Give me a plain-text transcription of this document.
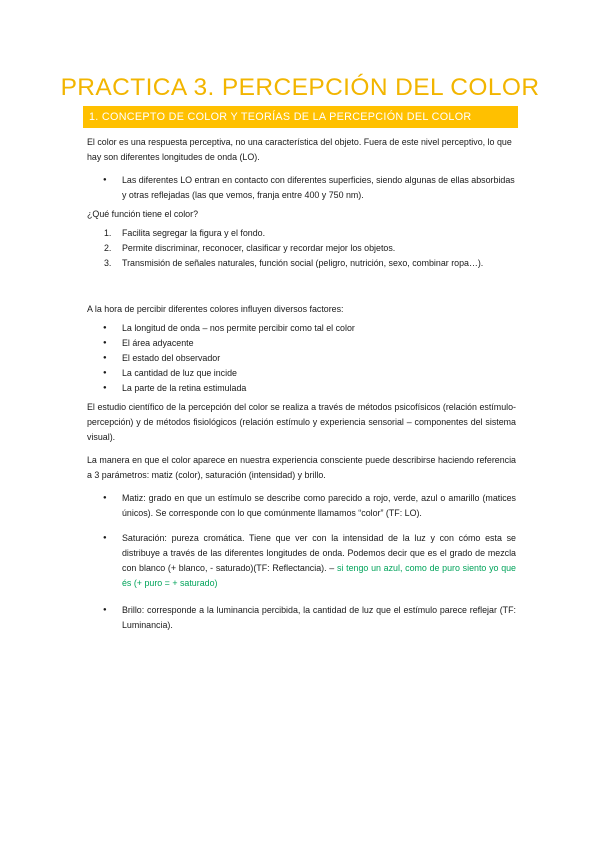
PRACTICA 3. PERCEPCIÓN DEL COLOR
1. CONCEPTO DE COLOR Y TEORÍAS DE LA PERCEPCIÓN DEL COLOR

El color es una respuesta perceptiva, no una característica del objeto. Fuera de este nivel perceptivo, lo que hay son diferentes longitudes de onda (LO).

● Las diferentes LO entran en contacto con diferentes superficies, siendo algunas de ellas absorbidas y otras reflejadas (las que vemos, franja entre 400 y 750 nm).

¿Qué función tiene el color?

1. Facilita segregar la figura y el fondo.
2. Permite discriminar, reconocer, clasificar y recordar mejor los objetos.
3. Transmisión de señales naturales, función social (peligro, nutrición, sexo, combinar ropa…).

A la hora de percibir diferentes colores influyen diversos factores:

● La longitud de onda – nos permite percibir como tal el color
● El área adyacente
● El estado del observador
● La cantidad de luz que incide
● La parte de la retina estimulada

El estudio científico de la percepción del color se realiza a través de métodos psicofísicos (relación estímulo-percepción) y de métodos fisiológicos (relación estímulo y experiencia sensorial – componentes del sistema visual).

La manera en que el color aparece en nuestra experiencia consciente puede describirse haciendo referencia a 3 parámetros: matiz (color), saturación (intensidad) y brillo.

● Matiz: grado en que un estímulo se describe como parecido a rojo, verde, azul o amarillo (matices únicos). Se corresponde con lo que comúnmente llamamos “color” (TF: LO).
● Saturación: pureza cromática. Tiene que ver con la intensidad de la luz y con cómo esta se distribuye a través de las diferentes longitudes de onda. Podemos decir que es el grado de mezcla con blanco (+ blanco, - saturado)(TF: Reflectancia). – si tengo un azul, como de puro siento yo que és (+ puro = + saturado)
● Brillo: corresponde a la luminancia percibida, la cantidad de luz que el estímulo parece reflejar (TF: Luminancia).
